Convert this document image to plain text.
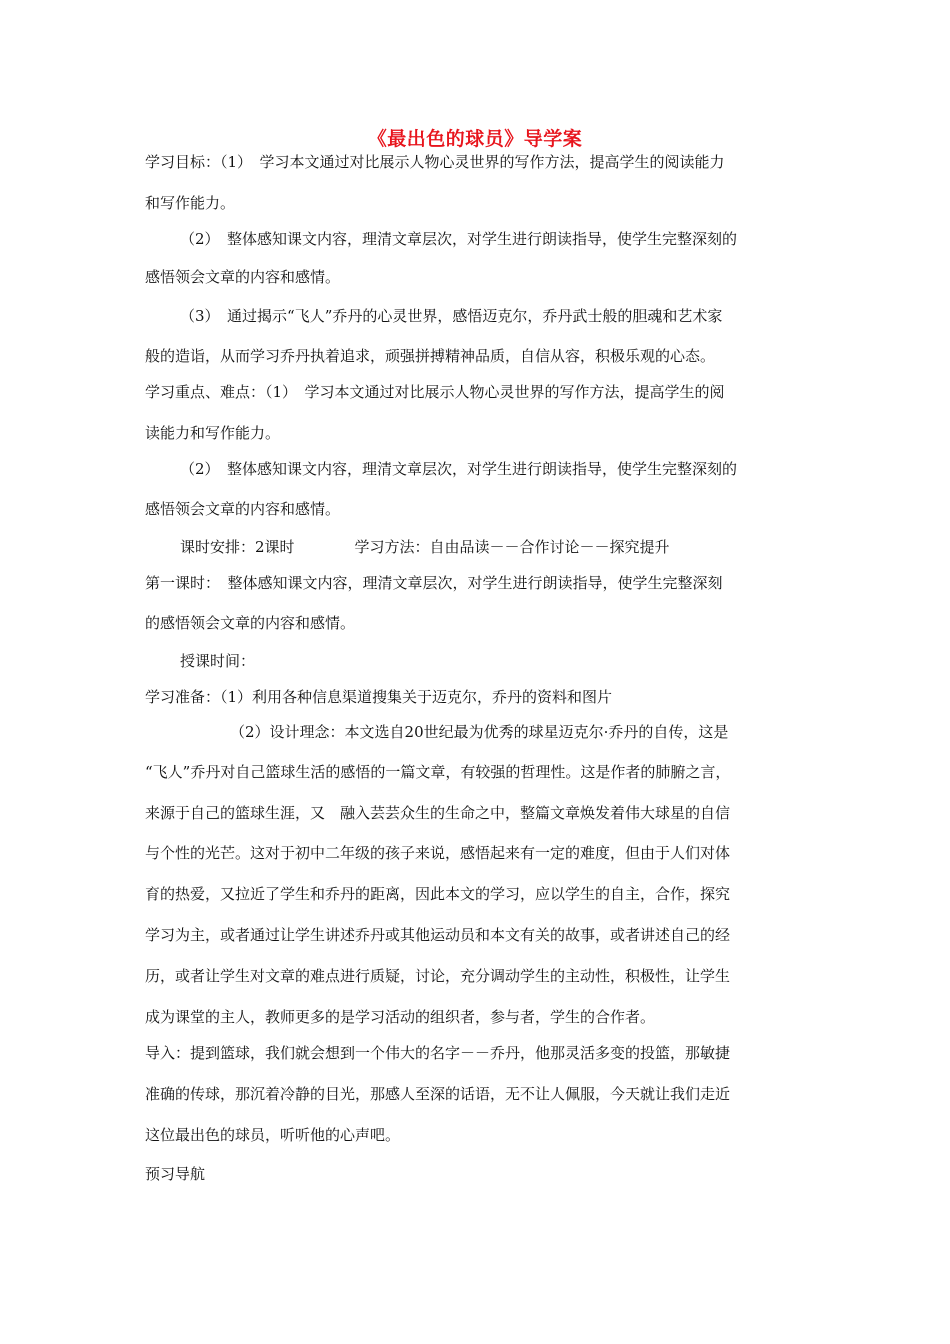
《最出色的球员》导学案
学习目标：（1）　学习本文通过对比展示人物心灵世界的写作方法，提高学生的阅读能力
和写作能力。
（2）　整体感知课文内容，理清文章层次，对学生进行朗读指导，使学生完整深刻的
感悟领会文章的内容和感情。
（3）　通过揭示“飞人”乔丹的心灵世界，感悟迈克尔，乔丹武士般的胆魂和艺术家
般的造诣，从而学习乔丹执着追求，顽强拼搏精神品质，自信从容，积极乐观的心态。
学习重点、难点：（1）　学习本文通过对比展示人物心灵世界的写作方法，提高学生的阅
读能力和写作能力。
（2）　整体感知课文内容，理清文章层次，对学生进行朗读指导，使学生完整深刻的
感悟领会文章的内容和感情。
课时安排：2课时　　　　学习方法：自由品读－－合作讨论－－探究提升
第一课时：　整体感知课文内容，理清文章层次，对学生进行朗读指导，使学生完整深刻
的感悟领会文章的内容和感情。
授课时间：
学习准备：（1）利用各种信息渠道搜集关于迈克尔，乔丹的资料和图片
（2）设计理念：本文选自20世纪最为优秀的球星迈克尔·乔丹的自传，这是
“飞人”乔丹对自己篮球生活的感悟的一篇文章，有较强的哲理性。这是作者的肺腑之言，
来源于自己的篮球生涯，又　融入芸芸众生的生命之中，整篇文章焕发着伟大球星的自信
与个性的光芒。这对于初中二年级的孩子来说，感悟起来有一定的难度，但由于人们对体
育的热爱，又拉近了学生和乔丹的距离，因此本文的学习，应以学生的自主，合作，探究
学习为主，或者通过让学生讲述乔丹或其他运动员和本文有关的故事，或者讲述自己的经
历，或者让学生对文章的难点进行质疑，讨论，充分调动学生的主动性，积极性，让学生
成为课堂的主人，教师更多的是学习活动的组织者，参与者，学生的合作者。
导入：提到篮球，我们就会想到一个伟大的名字－－乔丹，他那灵活多变的投篮，那敏捷
准确的传球，那沉着冷静的目光，那感人至深的话语，无不让人佩服，今天就让我们走近
这位最出色的球员，听听他的心声吧。
预习导航
